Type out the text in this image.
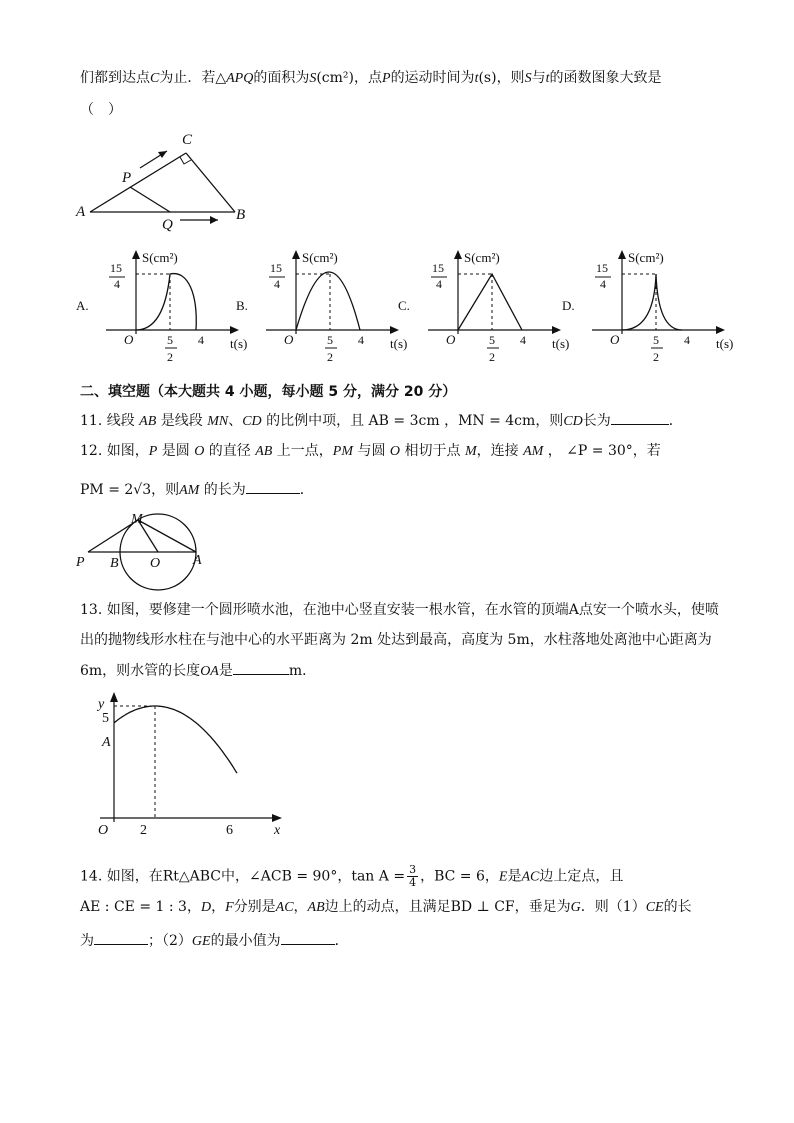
们都到达点C为止．若△APQ的面积为S(cm²)，点P的运动时间为t(s)，则S与t的函数图象大致是
（　）
A	B
C
P
Q
A.
S(cm²)
t(s)
O
15
4
5
2
4
B.
S(cm²)
t(s)
O
15
4
5
2
4
C.
S(cm²)
t(s)
O
15
4
5
2
4
D.
S(cm²)
t(s)
O
15
4
5
2
4
二、填空题（本大题共 4 小题，每小题 5 分，满分 20 分）
11. 线段 AB 是线段 MN、CD 的比例中项，且 AB = 3cm ，MN = 4cm，则CD长为	．
12. 如图，P 是圆 O 的直径 AB 上一点，PM 与圆 O 相切于点 M，连接 AM ， ∠P = 30°，若
PM = 2√3，则AM 的长为	．
M
P B O A
13. 如图，要修建一个圆形喷水池，在池中心竖直安装一根水管，在水管的顶端A点安一个喷水头，使喷
出的抛物线形水柱在与池中心的水平距离为 2m 处达到最高，高度为 5m，水柱落地处离池中心距离为
6m，则水管的长度OA是	m．
y
x
O
A
5
2	6
14. 如图，在Rt△ABC中，∠ACB = 90°，$\tan A = \frac{3}{4}$ ，BC = 6，E是AC边上定点，且
AE : CE = 1 : 3，D，F分别是AC，AB边上的动点，且满足BD ⊥ CF，垂足为G．则（1）CE的长
为	；（2）GE的最小值为	．
